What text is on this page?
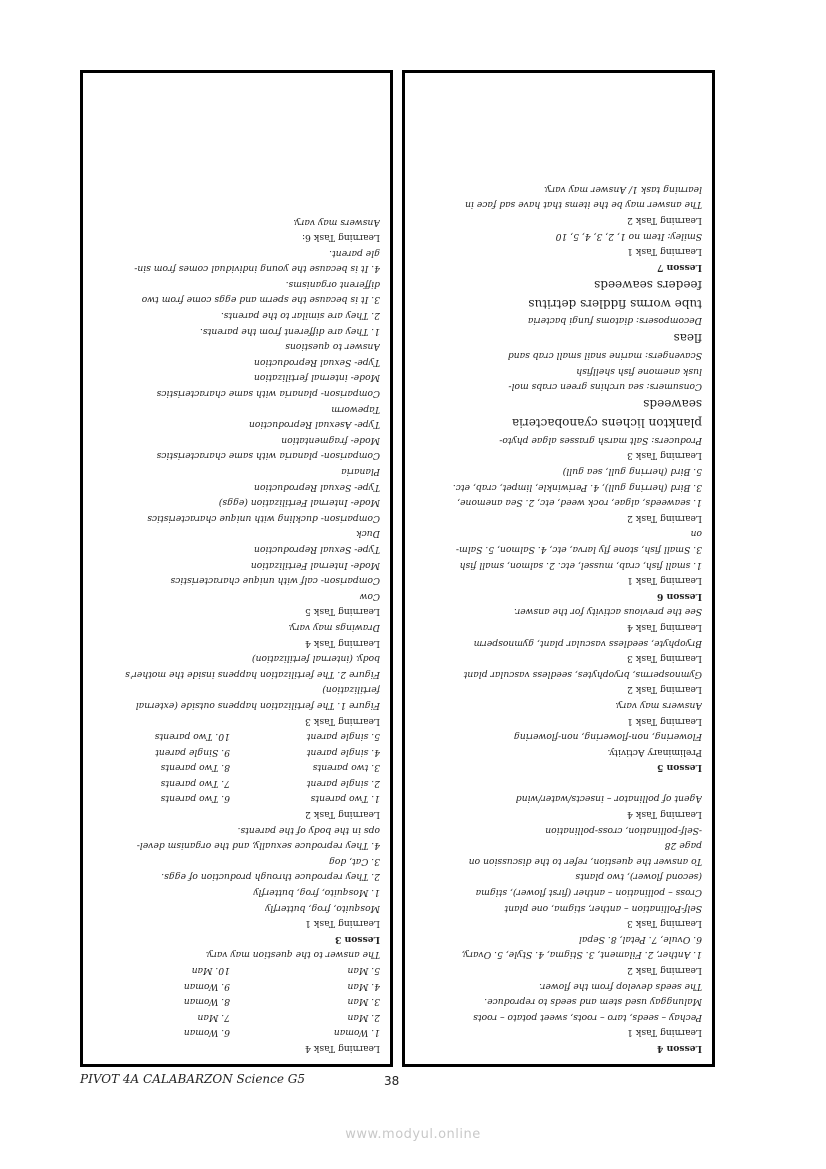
Learning Task 4
1. Woman
6. Woman
2. Man
7. Man
3. Man
8. Woman
4. Man
9. Woman
5. Man
10. Man
The answer to the question may vary.
Lesson 3
Learning Task 1
Mosquito, frog, butterfly
1. Mosquito, frog, butterfly
2. They reproduce through production of eggs.
3. Cat, dog
4. They reproduce sexually, and the organism devel-
ops in the body of the parents.
Learning Task 2
1. Two parents
6. Two parents
2. single parent
7. Two parents
3. two parents
8. Two parents
4. single parent
9. Single parent
5. single parent
10. Two parents
Learning Task 3
Figure 1. The fertilization happens outside (external
fertilization)
Figure 2. The fertilization happens inside the mother's
body. (internal fertilization)
Learning Task 4
Drawings may vary.
Learning Task 5
Cow
Comparison- calf with unique characteristics
Mode- Internal Fertilization
Type- Sexual Reproduction
Duck
Comparison- duckling with unique characteristics
Mode- Internal Fertilization (eggs)
Type- Sexual Reproduction
Planaria
Comparison- planaria with same characteristics
Mode- fragmentation
Type- Asexual Reproduction
Tapeworm
Comparison- planaria with same characteristics
Mode- internal fertilization
Type- Sexual Reproduction
Answer to questions
1. They are different from the parents.
2. They are similar to the parents.
3. It is because the sperm and eggs come from two
different organisms.
4. It is because the young individual comes from sin-
gle parent.
Learning Task 6:
Answers may vary.
Lesson 4
Learning Task 1
Pechay – seeds, taro – roots, sweet potato – roots
Malunggay used stem and seeds to reproduce.
The seeds develop from the flower.
Learning Task 2
1. Anther, 2. Filament, 3. Stigma, 4. Style, 5. Ovary,
6. Ovule, 7. Petal, 8. Sepal
Learning Task 3
Self-Pollination – anther, stigma, one plant
Cross – pollination – anther (first flower), stigma
(second flower), two plants
To answer the question, refer to the discussion on
page 28
-Self-pollination, cross-pollination
Learning Task 4
Agent of pollinator – insects/water/wind

Lesson 5
Preliminary Activity.
Flowering, non-flowering, non-flowering
Learning Task 1
Answers may vary.
Learning Task 2
Gymnosperms, bryophytes, seedless vascular plant
Learning Task 3
Bryophyte, seedless vascular plant, gymnosperm
Learning Task 4
See the previous activity for the answer.
Lesson 6
Learning Task 1
1. small fish, crab, mussel, etc. 2. salmon, small fish
3. Small fish, stone fly larva, etc, 4. Salmon, 5. Salm-
on
Learning Task 2
1. seaweeds, algae, rock weed, etc, 2. Sea anemone,
3. Bird (herring gull), 4. Periwinkle, limpet, crab, etc.
5. Bird (herring gull, sea gull)
Learning Task 3
Producers: Salt marsh grasses algae phyto-
plankton lichens cyanobacteria
seaweeds
Consumers: sea urchins green crabs mol-
lusk anemone fish shellfish
Scavengers: marine snail small crab sand
fleas
Decomposers: diatoms fungi bacteria
tube worms fiddlers detritus
feeders seaweeds
Lesson 7
Learning Task 1
Smiley: Item no 1, 2, 3, 4, 5, 10
Learning Task 2
The answer may be the items that have sad face in
learning task 1/ Answer may vary.
PIVOT 4A CALABARZON Science G5	38
www.modyul.online
